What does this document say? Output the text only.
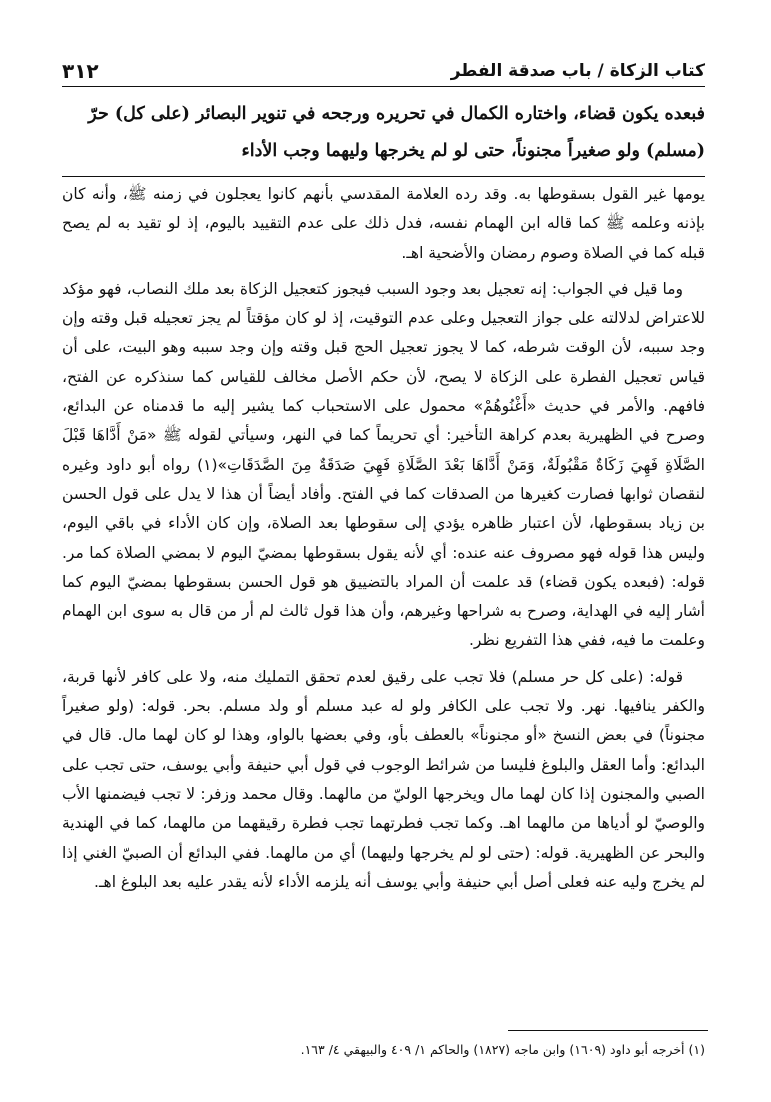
كتاب الزكاة / باب صدقة الفطر
٣١٢
فبعده يكون قضاء، واختاره الكمال في تحريره ورجحه في تنوير البصائر (على كل) حرّ
(مسلم) ولو صغيراً مجنوناً، حتى لو لم يخرجها وليهما وجب الأداء

يومها غير القول بسقوطها به. وقد رده العلامة المقدسي بأنهم كانوا يعجلون في زمنه ﷺ، وأنه كان بإذنه وعلمه ﷺ كما قاله ابن الهمام نفسه، فدل ذلك على عدم التقييد باليوم، إذ لو تقيد به لم يصح قبله كما في الصلاة وصوم رمضان والأضحية اهـ.

وما قيل في الجواب: إنه تعجيل بعد وجود السبب فيجوز كتعجيل الزكاة بعد ملك النصاب، فهو مؤكد للاعتراض لدلالته على جواز التعجيل وعلى عدم التوقيت، إذ لو كان مؤقتاً لم يجز تعجيله قبل وقته وإن وجد سببه، لأن الوقت شرطه، كما لا يجوز تعجيل الحج قبل وقته وإن وجد سببه وهو البيت، على أن قياس تعجيل الفطرة على الزكاة لا يصح، لأن حكم الأصل مخالف للقياس كما سنذكره عن الفتح، فافهم. والأمر في حديث «أَغْنُوهُمْ» محمول على الاستحباب كما يشير إليه ما قدمناه عن البدائع، وصرح في الظهيرية بعدم كراهة التأخير: أي تحريماً كما في النهر، وسيأتي لقوله ﷺ «مَنْ أَدَّاهَا قَبْلَ الصَّلَاةِ فَهِيَ زَكَاةٌ مَقْبُولَةٌ، وَمَنْ أَدَّاهَا بَعْدَ الصَّلَاةِ فَهِيَ صَدَقَةٌ مِنَ الصَّدَقَاتِ»(١) رواه أبو داود وغيره لنقصان ثوابها فصارت كغيرها من الصدقات كما في الفتح. وأفاد أيضاً أن هذا لا يدل على قول الحسن بن زياد بسقوطها، لأن اعتبار ظاهره يؤدي إلى سقوطها بعد الصلاة، وإن كان الأداء في باقي اليوم، وليس هذا قوله فهو مصروف عنه عنده: أي لأنه يقول بسقوطها بمضيّ اليوم لا بمضي الصلاة كما مر. قوله: (فبعده يكون قضاء) قد علمت أن المراد بالتضييق هو قول الحسن بسقوطها بمضيّ اليوم كما أشار إليه في الهداية، وصرح به شراحها وغيرهم، وأن هذا قول ثالث لم أر من قال به سوى ابن الهمام وعلمت ما فيه، ففي هذا التفريع نظر.

قوله: (على كل حر مسلم) فلا تجب على رقيق لعدم تحقق التمليك منه، ولا على كافر لأنها قربة، والكفر ينافيها. نهر. ولا تجب على الكافر ولو له عبد مسلم أو ولد مسلم. بحر. قوله: (ولو صغيراً مجنوناً) في بعض النسخ «أو مجنوناً» بالعطف بأو، وفي بعضها بالواو، وهذا لو كان لهما مال. قال في البدائع: وأما العقل والبلوغ فليسا من شرائط الوجوب في قول أبي حنيفة وأبي يوسف، حتى تجب على الصبي والمجنون إذا كان لهما مال ويخرجها الوليّ من مالهما. وقال محمد وزفر: لا تجب فيضمنها الأب والوصيّ لو أدياها من مالهما اهـ. وكما تجب فطرتهما تجب فطرة رقيقهما من مالهما، كما في الهندية والبحر عن الظهيرية. قوله: (حتى لو لم يخرجها وليهما) أي من مالهما. ففي البدائع أن الصبيّ الغني إذا لم يخرج وليه عنه فعلى أصل أبي حنيفة وأبي يوسف أنه يلزمه الأداء لأنه يقدر عليه بعد البلوغ اهـ.

(١) أخرجه أبو داود (١٦٠٩) وابن ماجه (١٨٢٧) والحاكم ١/ ٤٠٩ والبيهقي ٤/ ١٦٣.
